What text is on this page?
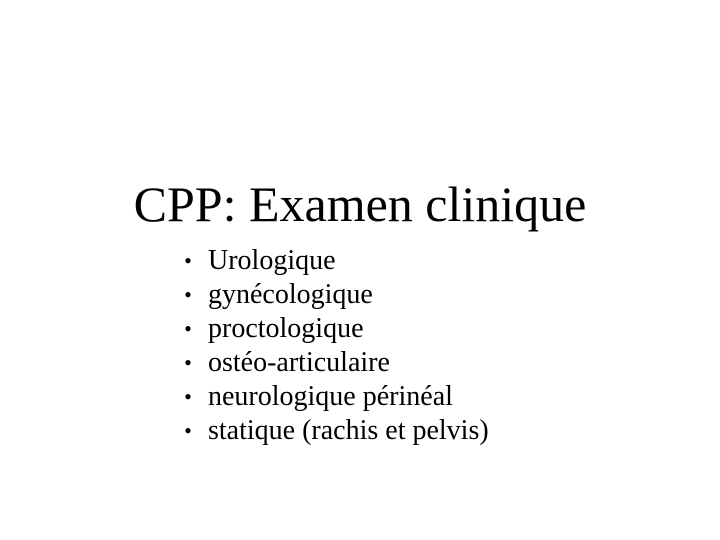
CPP: Examen clinique
• Urologique
• gynécologique
• proctologique
• ostéo-articulaire
• neurologique périnéal
• statique (rachis et pelvis)
